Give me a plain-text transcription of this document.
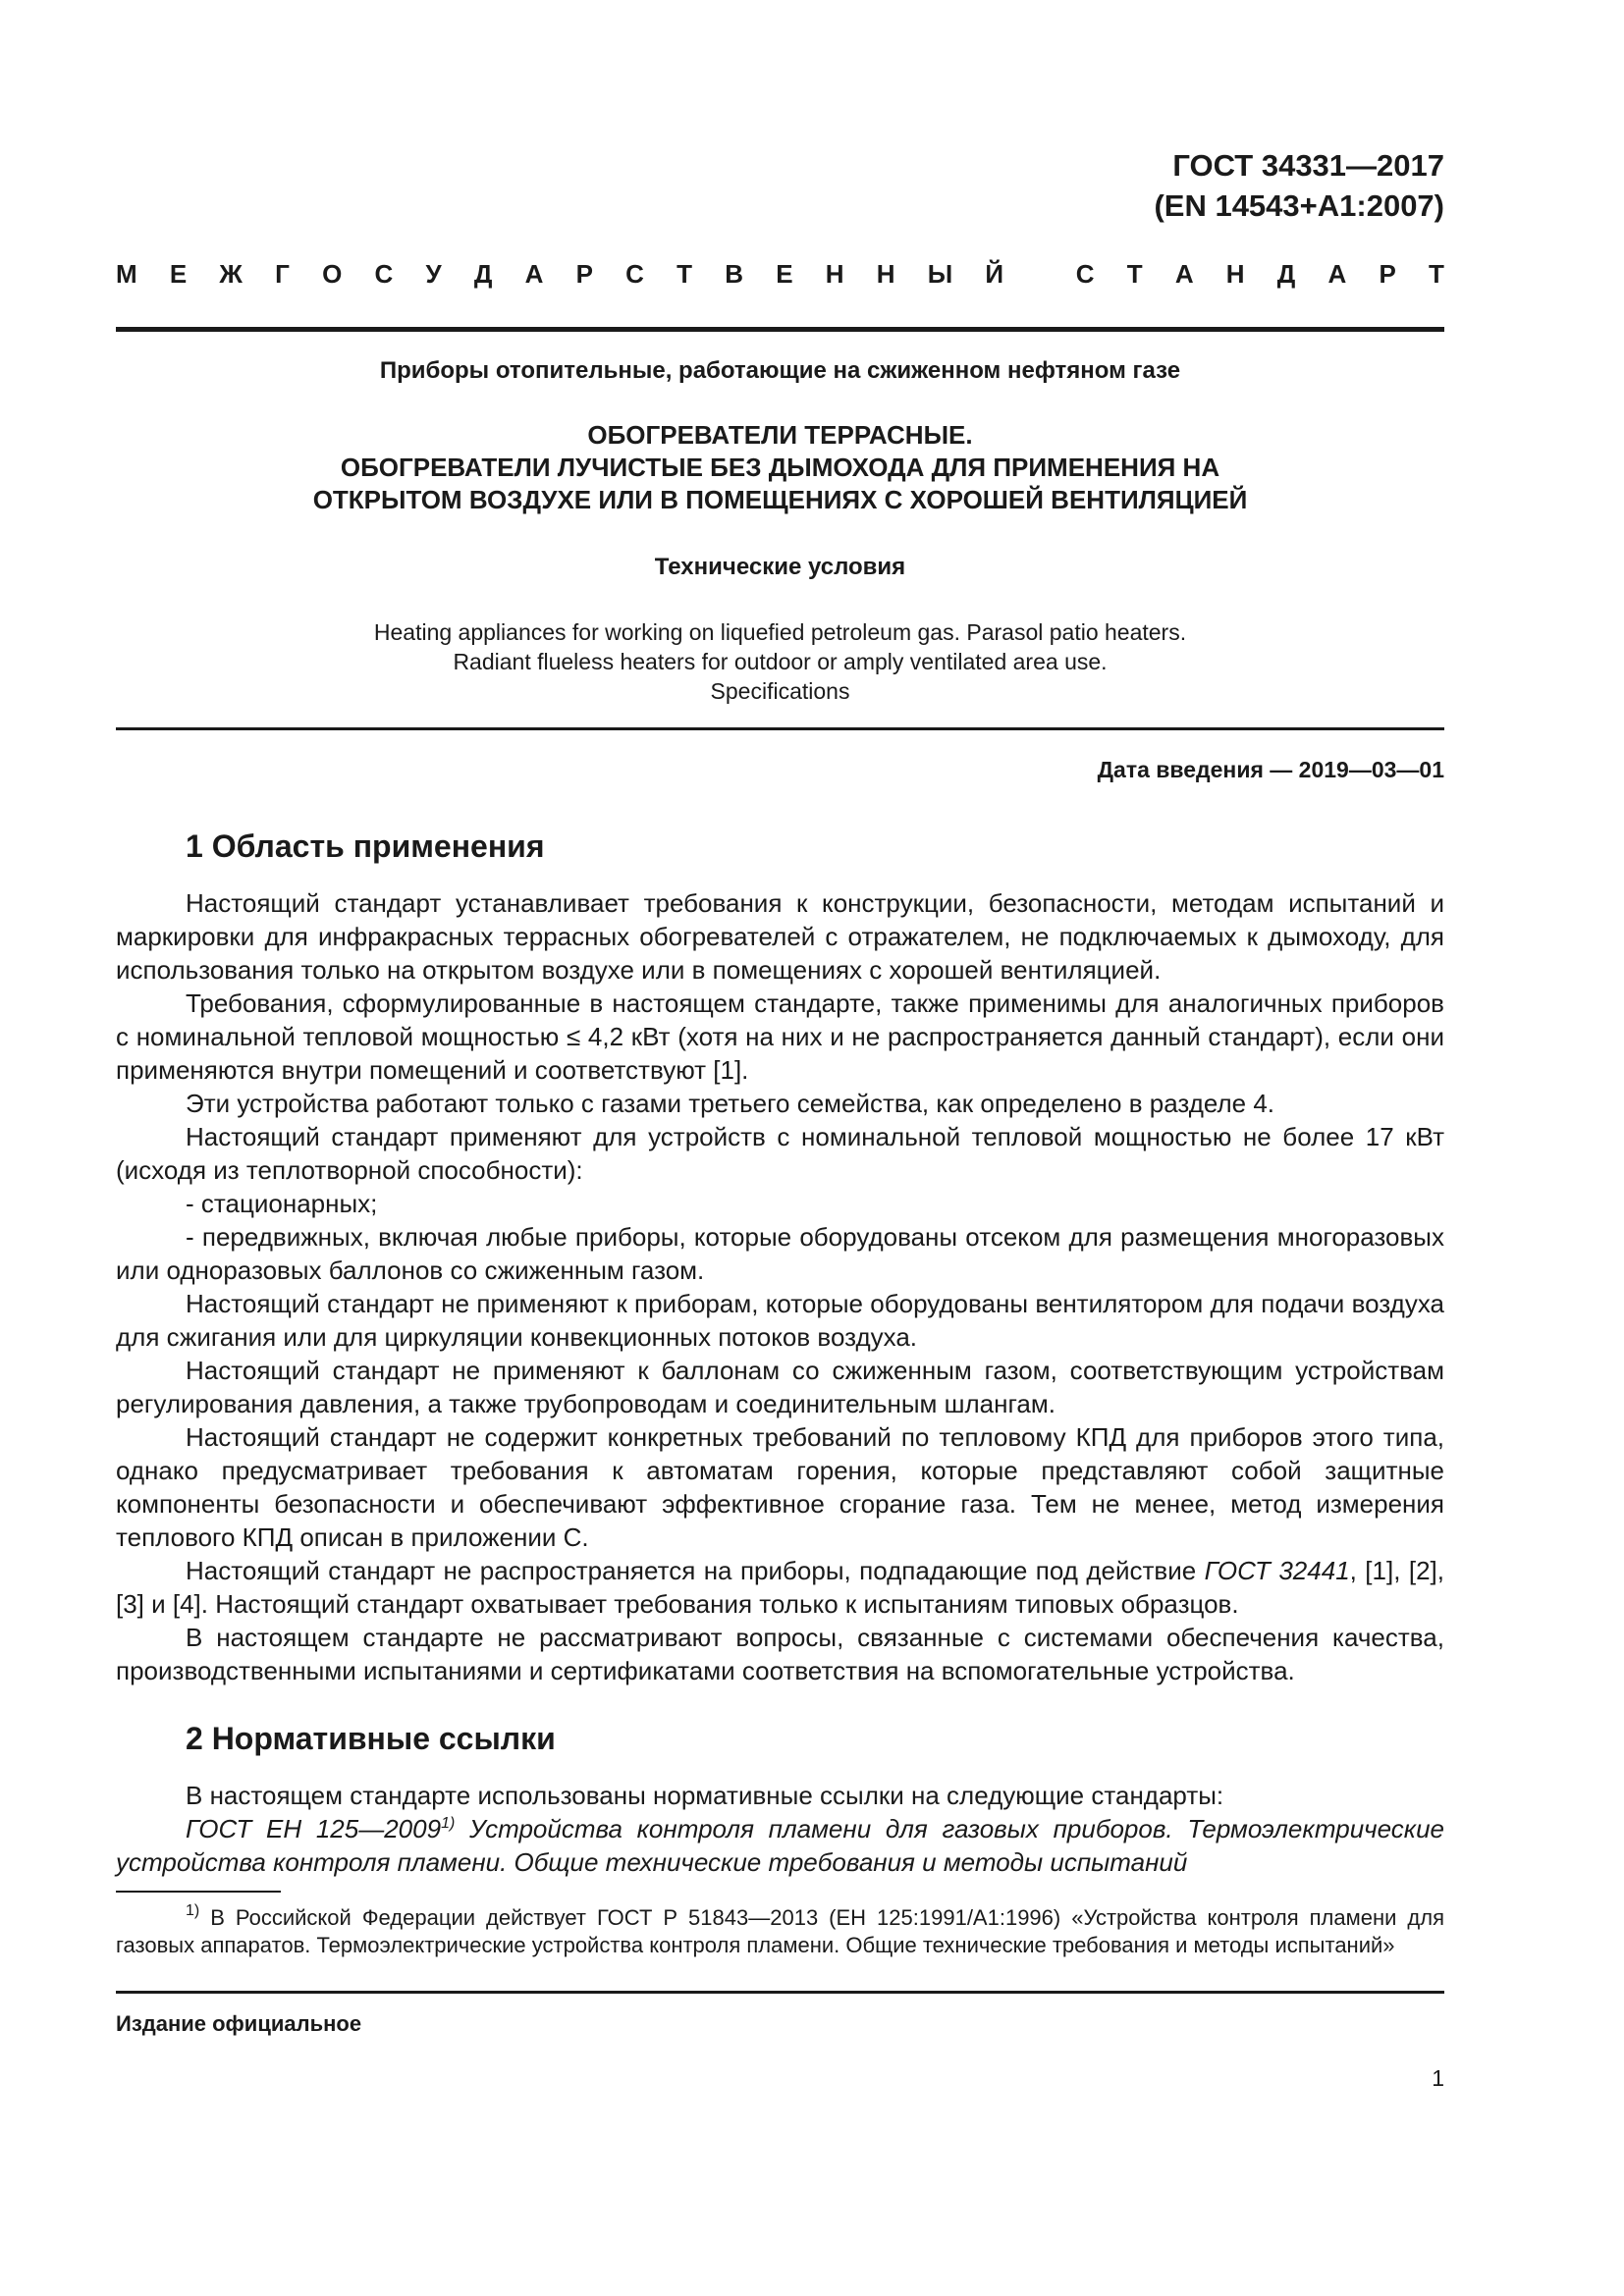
ГОСТ 34331—2017
(EN 14543+A1:2007)
М Е Ж Г О С У Д А Р С Т В Е Н Н Ы Й
	С Т А Н Д А Р Т
Приборы отопительные, работающие на сжиженном нефтяном газе
ОБОГРЕВАТЕЛИ ТЕРРАСНЫЕ.
ОБОГРЕВАТЕЛИ ЛУЧИСТЫЕ БЕЗ ДЫМОХОДА ДЛЯ ПРИМЕНЕНИЯ НА
ОТКРЫТОМ ВОЗДУХЕ ИЛИ В ПОМЕЩЕНИЯХ С ХОРОШЕЙ ВЕНТИЛЯЦИЕЙ
Технические условия
Heating appliances for working on liquefied petroleum gas. Parasol patio heaters.
Radiant flueless heaters for outdoor or amply ventilated area use.
Specifications
Дата введения — 2019—03—01
1 Область применения

Настоящий стандарт устанавливает требования к конструкции, безопасности, методам испытаний и маркировки для инфракрасных террасных обогревателей с отражателем, не подключаемых к дымоходу, для использования только на открытом воздухе или в помещениях с хорошей вентиляцией.

Требования, сформулированные в настоящем стандарте, также применимы для аналогичных приборов с номинальной тепловой мощностью ≤ 4,2 кВт (хотя на них и не распространяется данный стандарт), если они применяются внутри помещений и соответствуют [1].

Эти устройства работают только с газами третьего семейства, как определено в разделе 4.

Настоящий стандарт применяют для устройств с номинальной тепловой мощностью не более 17 кВт (исходя из теплотворной способности):

- стационарных;

- передвижных, включая любые приборы, которые оборудованы отсеком для размещения многоразовых или одноразовых баллонов со сжиженным газом.

Настоящий стандарт не применяют к приборам, которые оборудованы вентилятором для подачи воздуха для сжигания или для циркуляции конвекционных потоков воздуха.

Настоящий стандарт не применяют к баллонам со сжиженным газом, соответствующим устройствам регулирования давления, а также трубопроводам и соединительным шлангам.

Настоящий стандарт не содержит конкретных требований по тепловому КПД для приборов этого типа, однако предусматривает требования к автоматам горения, которые представляют собой защитные компоненты безопасности и обеспечивают эффективное сгорание газа. Тем не менее, метод измерения теплового КПД описан в приложении С.

Настоящий стандарт не распространяется на приборы, подпадающие под действие ГОСТ 32441, [1], [2], [3] и [4]. Настоящий стандарт охватывает требования только к испытаниям типовых образцов.

В настоящем стандарте не рассматривают вопросы, связанные с системами обеспечения качества, производственными испытаниями и сертификатами соответствия на вспомогательные устройства.

2 Нормативные ссылки

В настоящем стандарте использованы нормативные ссылки на следующие стандарты:

ГОСТ ЕН 125—2009$^{1)}$ Устройства контроля пламени для газовых приборов. Термоэлектрические устройства контроля пламени. Общие технические требования и методы испытаний

$^{1)}$ В Российской Федерации действует ГОСТ Р 51843—2013 (ЕН 125:1991/А1:1996) «Устройства контроля пламени для газовых аппаратов. Термоэлектрические устройства контроля пламени. Общие технические требования и методы испытаний»

Издание официальное
1
